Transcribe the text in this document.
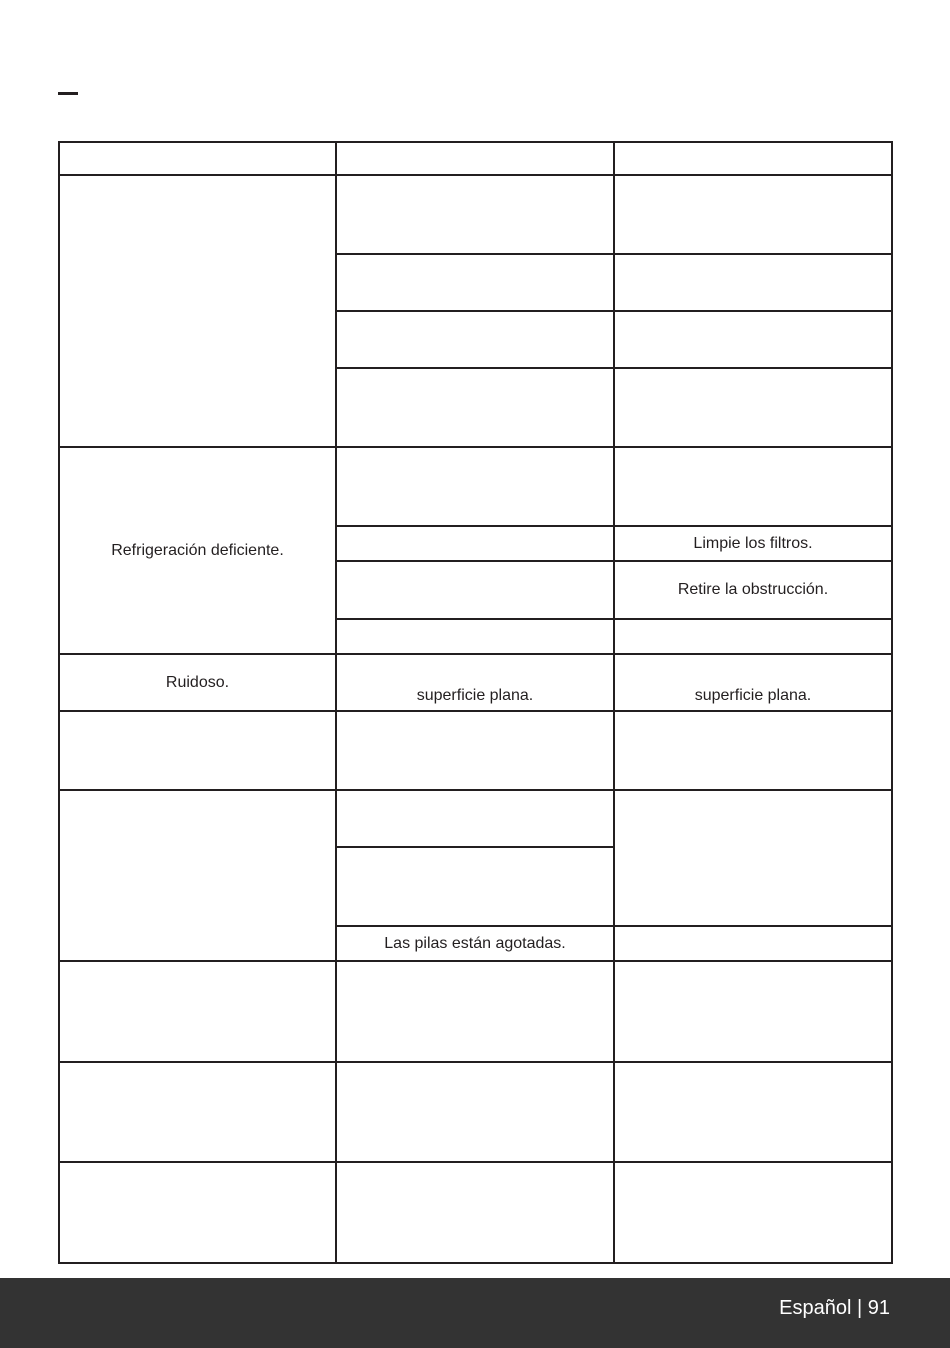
Refrigeración deficiente.	Limpie los filtros.
Retire la obstrucción.
Ruidoso.
superficie plana.	superficie plana.
Las pilas están agotadas.
Español | 91
